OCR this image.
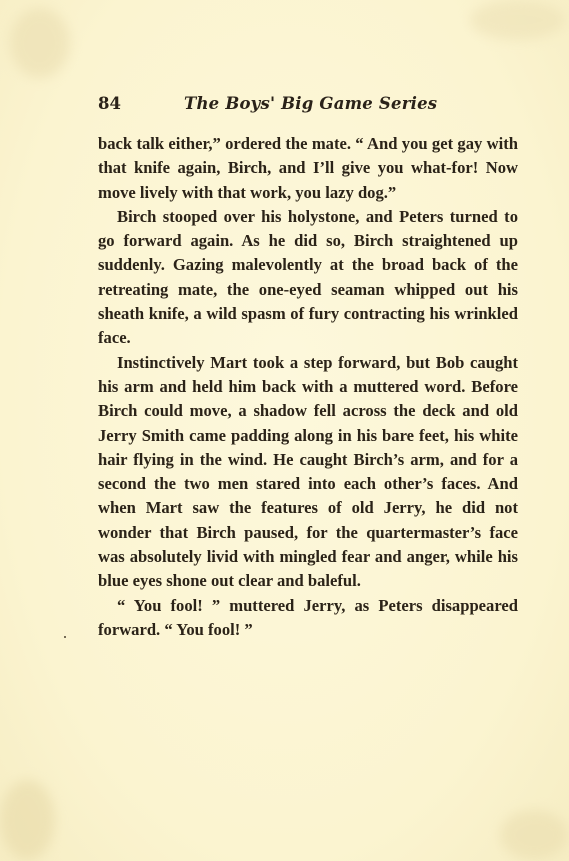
84	The Boys' Big Game Series

back talk either,” ordered the mate. “ And you get gay with that knife again, Birch, and I’ll give you what-for! Now move lively with that work, you lazy dog.”

Birch stooped over his holystone, and Peters turned to go forward again. As he did so, Birch straightened up suddenly. Gazing malevolently at the broad back of the retreating mate, the one-eyed seaman whipped out his sheath knife, a wild spasm of fury contracting his wrinkled face.

Instinctively Mart took a step forward, but Bob caught his arm and held him back with a muttered word. Before Birch could move, a shadow fell across the deck and old Jerry Smith came padding along in his bare feet, his white hair flying in the wind. He caught Birch’s arm, and for a second the two men stared into each other’s faces. And when Mart saw the features of old Jerry, he did not wonder that Birch paused, for the quartermaster’s face was absolutely livid with mingled fear and anger, while his blue eyes shone out clear and baleful.

“ You fool! ” muttered Jerry, as Peters disappeared forward. “ You fool! ”
